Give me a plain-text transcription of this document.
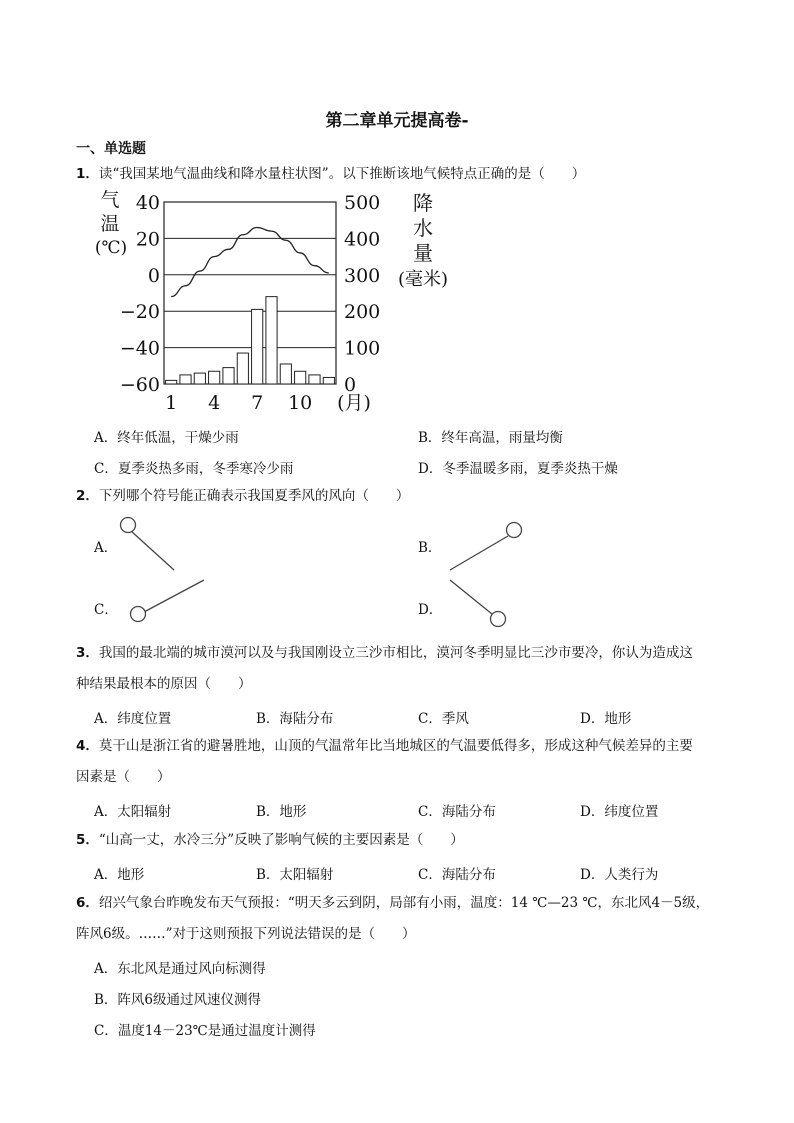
第二章单元提高卷-
一、单选题
1．读“我国某地气温曲线和降水量柱状图”。以下推断该地气候特点正确的是（　　）
40
20
0
−20
−40
−60
500
400
300
200
100
0
气
温
(℃)
降
水
量
(毫米)
1 4 7 10 (月)
A．终年低温，干燥少雨	B．终年高温，雨量均衡
C．夏季炎热多雨，冬季寒冷少雨	D．冬季温暖多雨，夏季炎热干燥
2．下列哪个符号能正确表示我国夏季风的风向（　　）
A．	B．
C．	D．
3．我国的最北端的城市漠河以及与我国刚设立三沙市相比，漠河冬季明显比三沙市要冷，你认为造成这
种结果最根本的原因（　　）
A．纬度位置	B．海陆分布	C．季风	D．地形
4．莫干山是浙江省的避暑胜地，山顶的气温常年比当地城区的气温要低得多，形成这种气候差异的主要
因素是（　　）
A．太阳辐射	B．地形	C．海陆分布	D．纬度位置
5．“山高一丈，水冷三分”反映了影响气候的主要因素是（　　）
A．地形	B．太阳辐射	C．海陆分布	D．人类行为
6．绍兴气象台昨晚发布天气预报：“明天多云到阴，局部有小雨，温度：14 ℃—23 ℃，东北风4－5级，
阵风6级。……”对于这则预报下列说法错误的是（　　）
A．东北风是通过风向标测得
B．阵风6级通过风速仪测得
C．温度14－23℃是通过温度计测得
